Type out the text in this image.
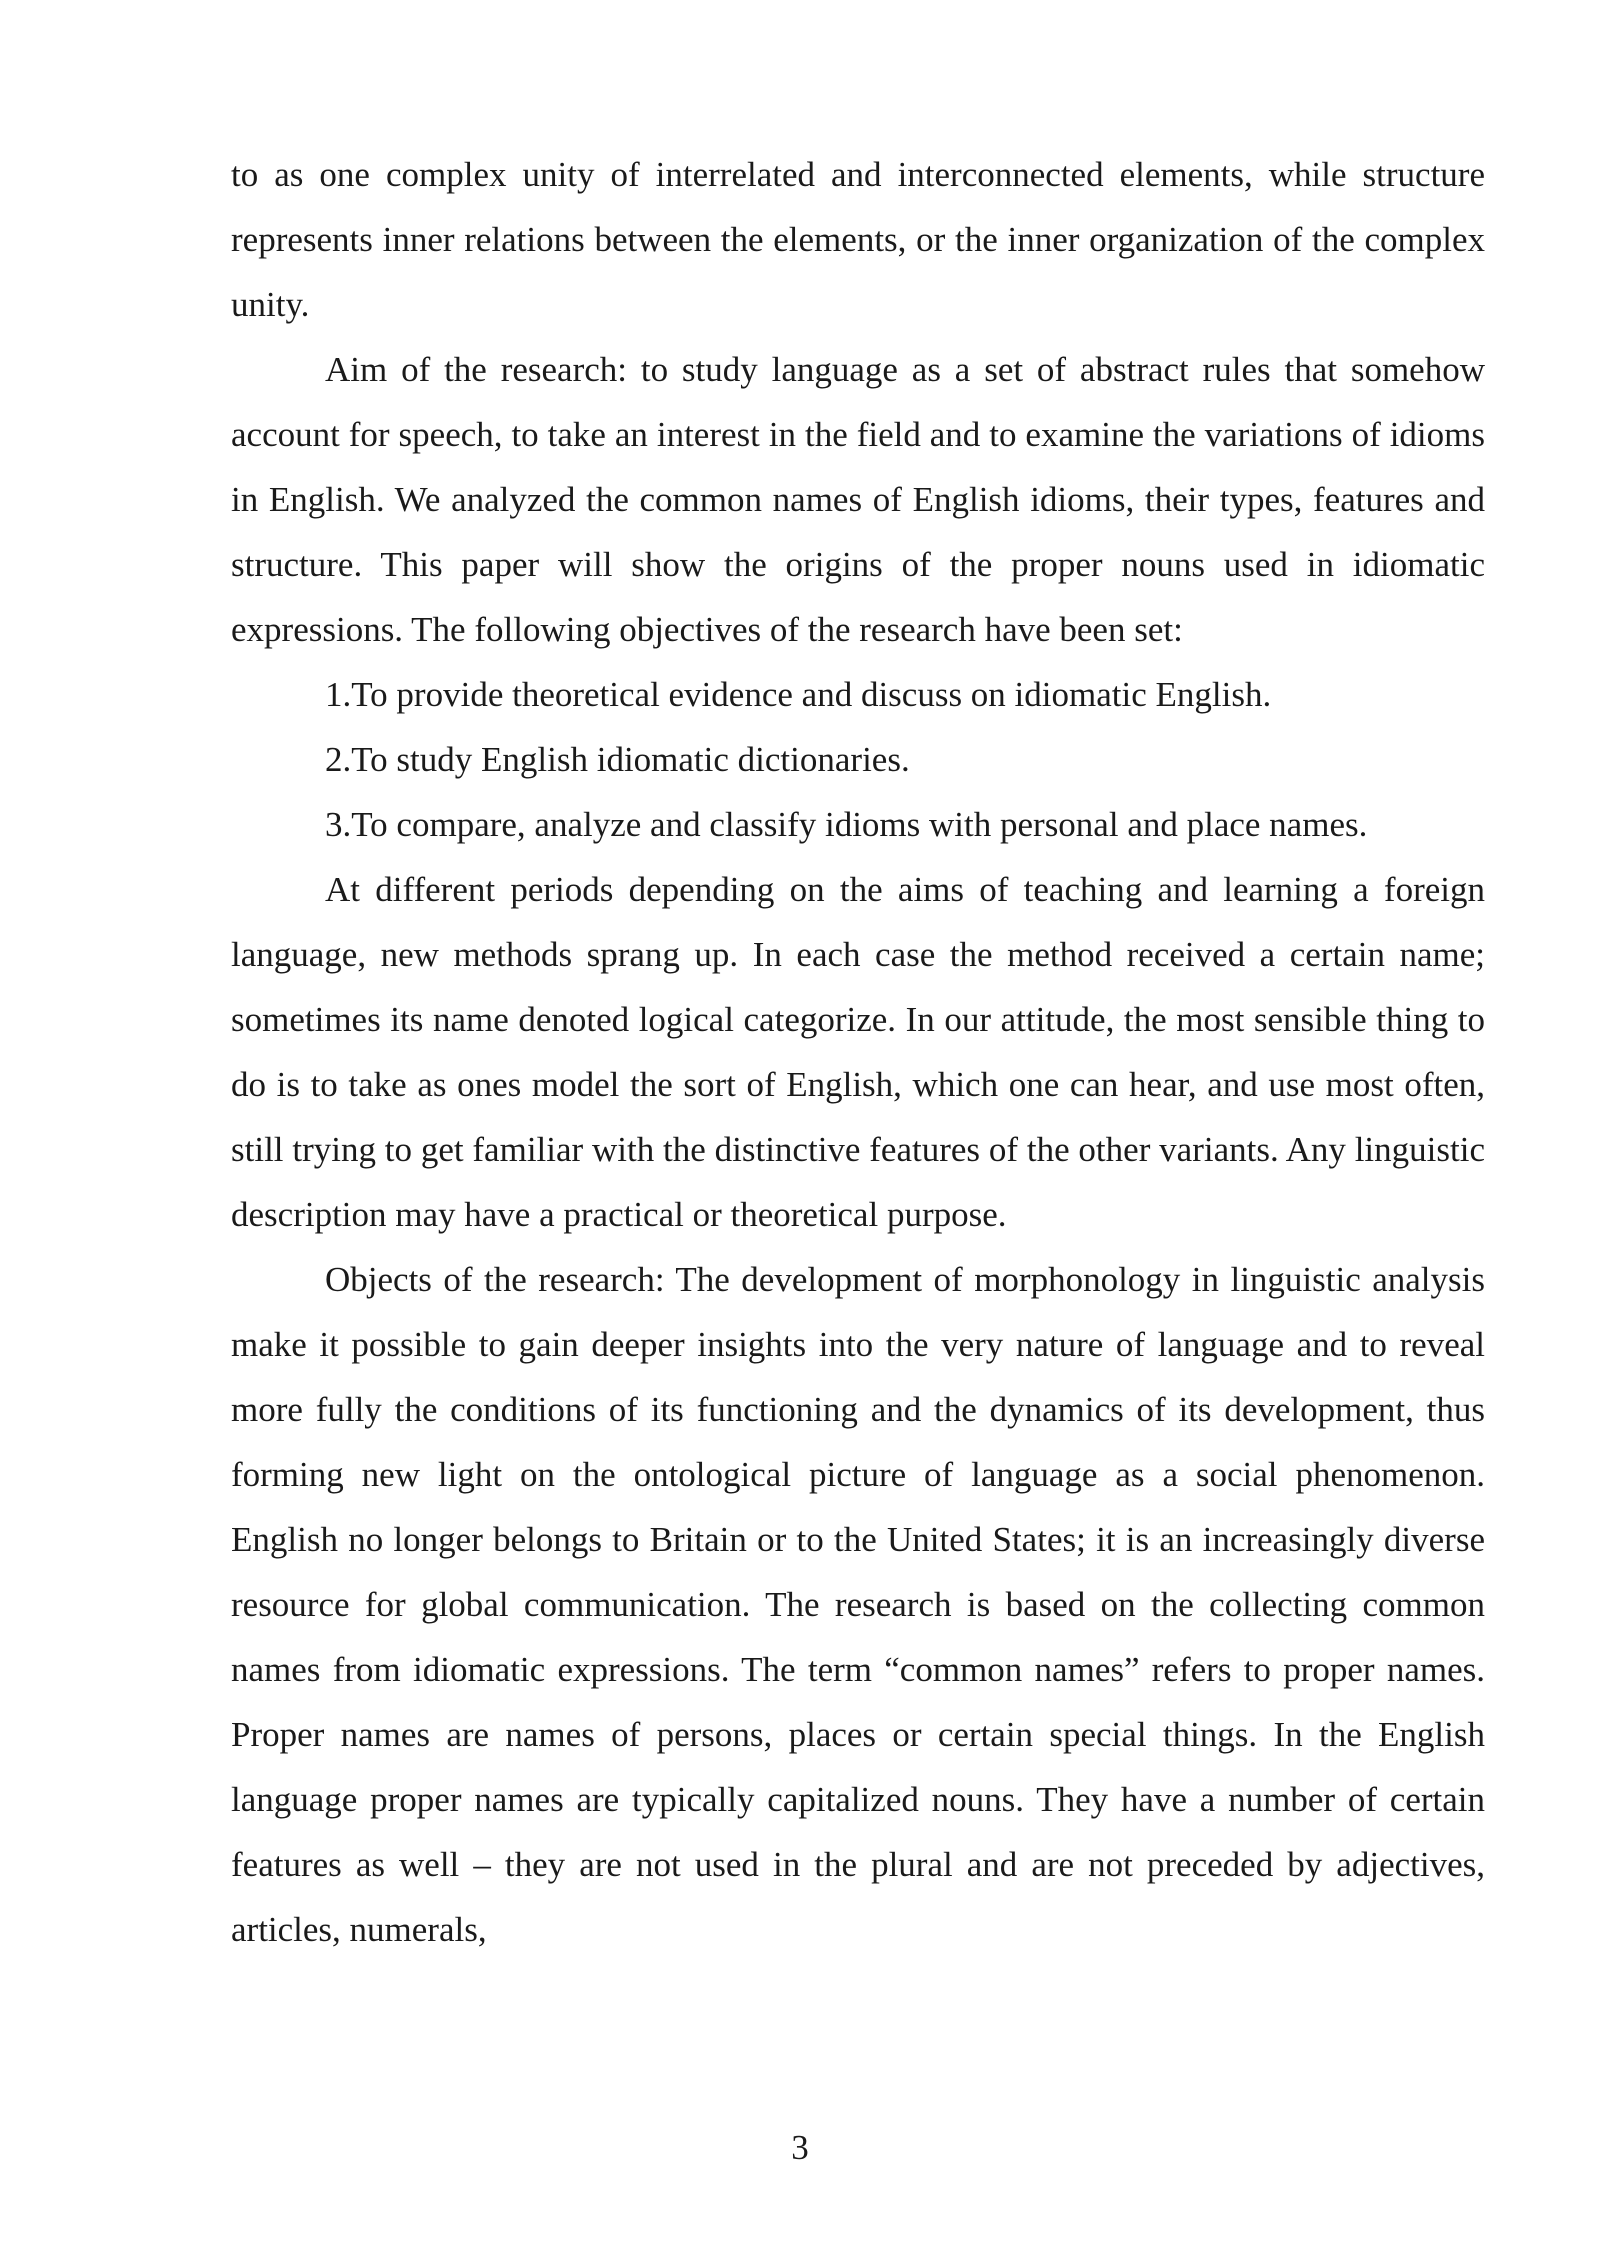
to as one complex unity of interrelated and interconnected elements, while structure represents inner relations between the elements, or the inner organization of the complex unity.

Aim of the research: to study language as a set of abstract rules that somehow account for speech, to take an interest in the field and to examine the variations of idioms in English. We analyzed the common names of English idioms, their types, features and structure. This paper will show the origins of the proper nouns used in idiomatic expressions. The following objectives of the research have been set:

1.To provide theoretical evidence and discuss on idiomatic English.

2.To study English idiomatic dictionaries.

3.To compare, analyze and classify idioms with personal and place names.

At different periods depending on the aims of teaching and learning a foreign language, new methods sprang up. In each case the method received a certain name; sometimes its name denoted logical categorize. In our attitude, the most sensible thing to do is to take as ones model the sort of English, which one can hear, and use most often, still trying to get familiar with the distinctive features of the other variants. Any linguistic description may have a practical or theoretical purpose.

Objects of the research: The development of morphonology in linguistic analysis make it possible to gain deeper insights into the very nature of language and to reveal more fully the conditions of its functioning and the dynamics of its development, thus forming new light on the ontological picture of language as a social phenomenon. English no longer belongs to Britain or to the United States; it is an increasingly diverse resource for global communication. The research is based on the collecting common names from idiomatic expressions. The term “common names” refers to proper names. Proper names are names of persons, places or certain special things. In the English language proper names are typically capitalized nouns. They have a number of certain features as well – they are not used in the plural and are not preceded by adjectives, articles, numerals,

3
